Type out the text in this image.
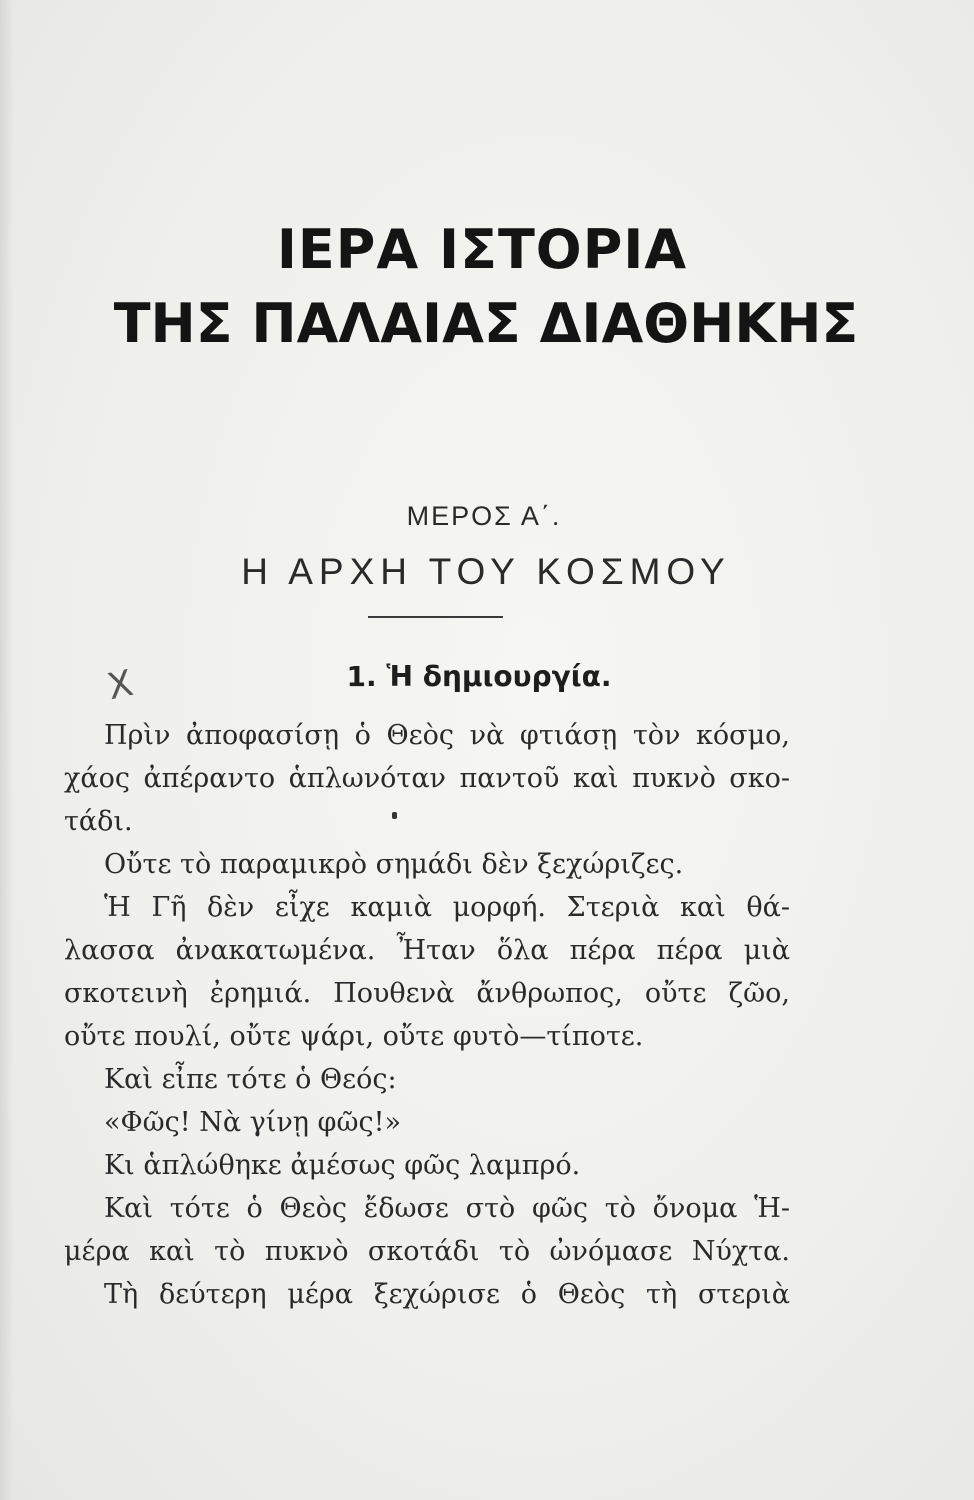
ΙΕΡΑ ΙΣΤΟΡΙΑ
ΤΗΣ ΠΑΛΑΙΑΣ ΔΙΑΘΗΚΗΣ
ΜΕΡΟΣ Α΄.
Η ΑΡΧΗ ΤΟΥ ΚΟΣΜΟΥ
X	1. Ἡ δημιουργία.
Πρὶν ἀποφασίσῃ ὁ Θεὸς νὰ φτιάσῃ τὸν κόσμο,
χάος ἀπέραντο ἁπλωνόταν παντοῦ καὶ πυκνὸ σκο-
τάδι.
Οὔτε τὸ παραμικρὸ σημάδι δὲν ξεχώριζες.
Ἡ Γῆ δὲν εἶχε καμιὰ μορφή. Στεριὰ καὶ θά-
λασσα ἀνακατωμένα. Ἦταν ὅλα πέρα πέρα μιὰ
σκοτεινὴ ἐρημιά. Πουθενὰ ἄνθρωπος, οὔτε ζῶο,
οὔτε πουλί, οὔτε ψάρι, οὔτε φυτὸ—τίποτε.
Καὶ εἶπε τότε ὁ Θεός:
«Φῶς! Νὰ γίνῃ φῶς!»
Κι ἁπλώθηκε ἀμέσως φῶς λαμπρό.
Καὶ τότε ὁ Θεὸς ἔδωσε στὸ φῶς τὸ ὄνομα Ἡ-
μέρα καὶ τὸ πυκνὸ σκοτάδι τὸ ὠνόμασε Νύχτα.
Τὴ δεύτερη μέρα ξεχώρισε ὁ Θεὸς τὴ στεριὰ
